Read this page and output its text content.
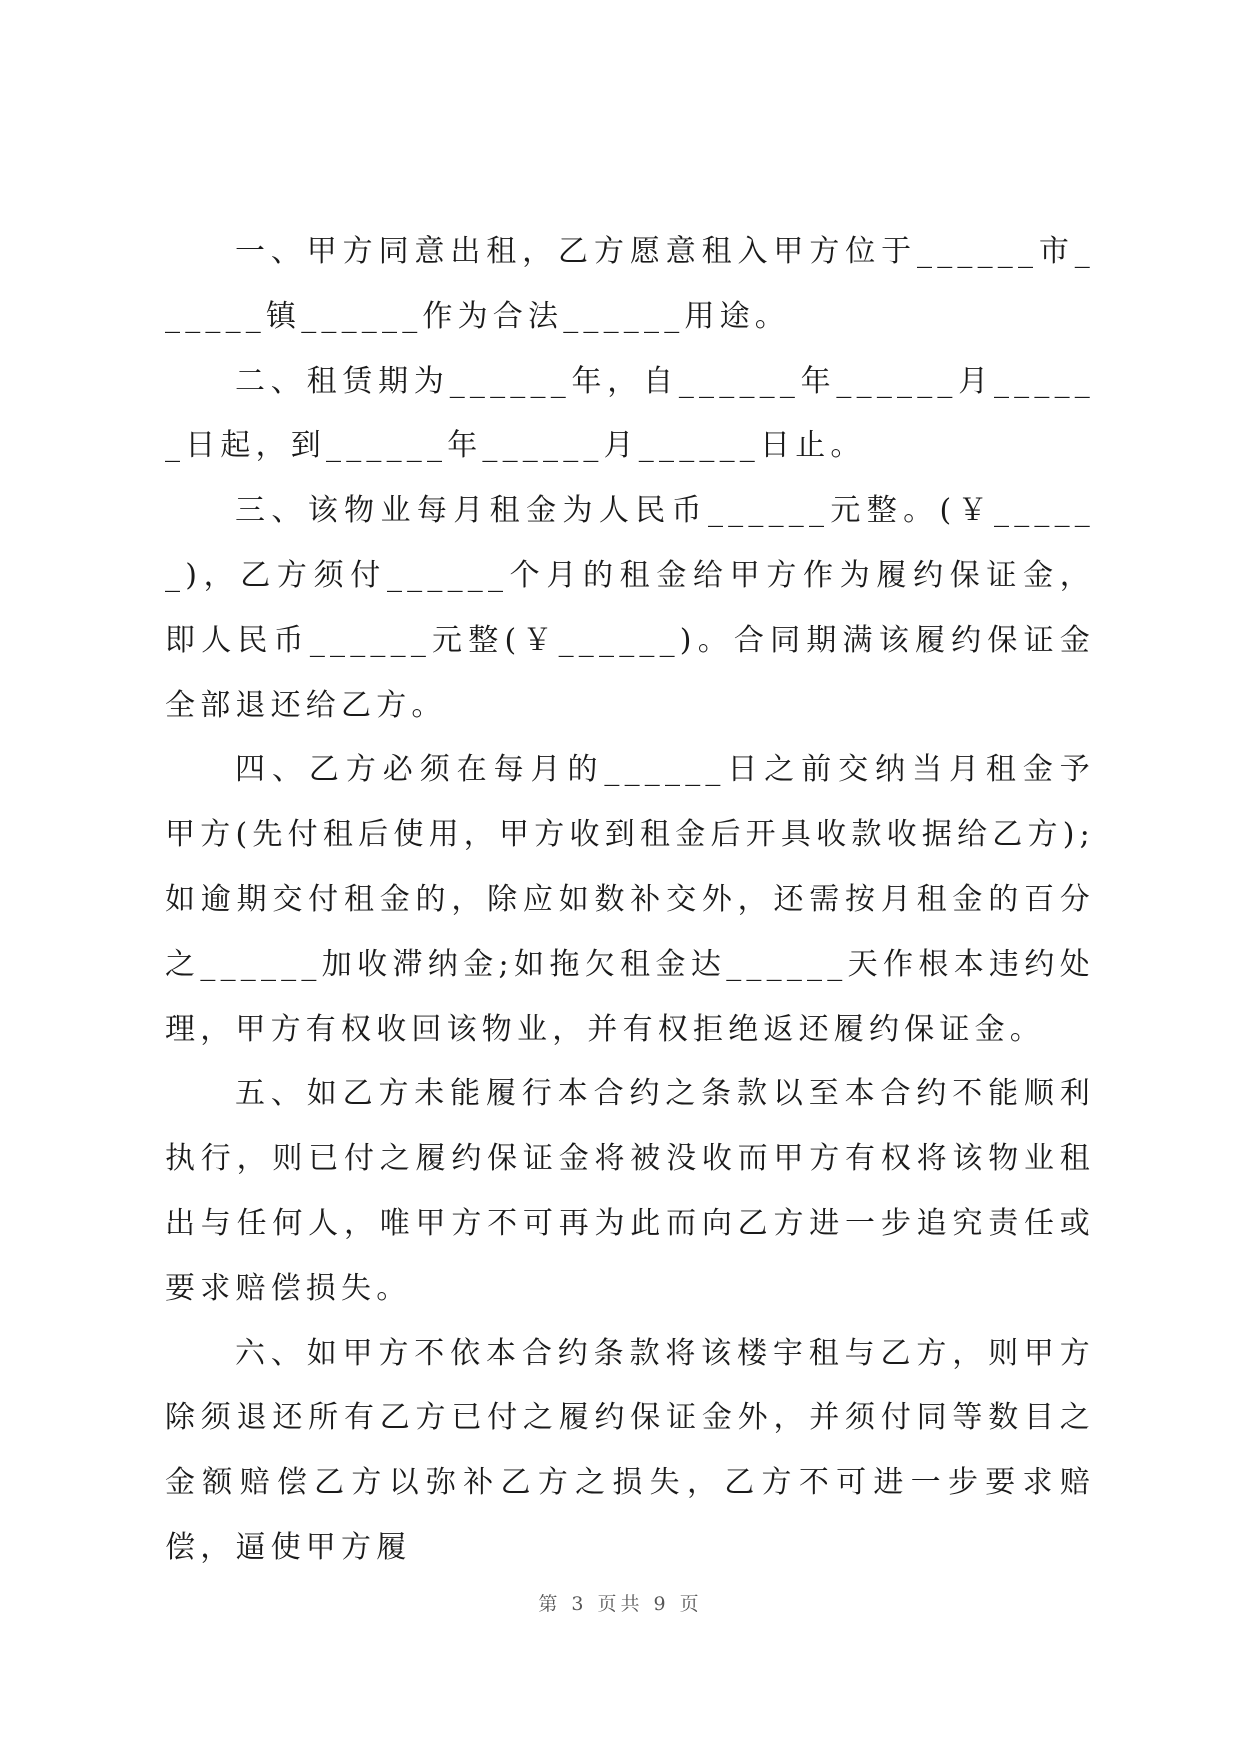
一、甲方同意出租，乙方愿意租入甲方位于______市______镇______作为合法______用途。

二、租赁期为______年，自______年______月______日起，到______年______月______日止。

三、该物业每月租金为人民币______元整。(￥______)，乙方须付______个月的租金给甲方作为履约保证金，即人民币______元整(￥______)。合同期满该履约保证金全部退还给乙方。

四、乙方必须在每月的______日之前交纳当月租金予甲方(先付租后使用，甲方收到租金后开具收款收据给乙方);如逾期交付租金的，除应如数补交外，还需按月租金的百分之______加收滞纳金;如拖欠租金达______天作根本违约处理，甲方有权收回该物业，并有权拒绝返还履约保证金。

五、如乙方未能履行本合约之条款以至本合约不能顺利执行，则已付之履约保证金将被没收而甲方有权将该物业租出与任何人，唯甲方不可再为此而向乙方进一步追究责任或要求赔偿损失。

六、如甲方不依本合约条款将该楼宇租与乙方，则甲方除须退还所有乙方已付之履约保证金外，并须付同等数目之金额赔偿乙方以弥补乙方之损失，乙方不可进一步要求赔偿，逼使甲方履

第 3 页共 9 页
